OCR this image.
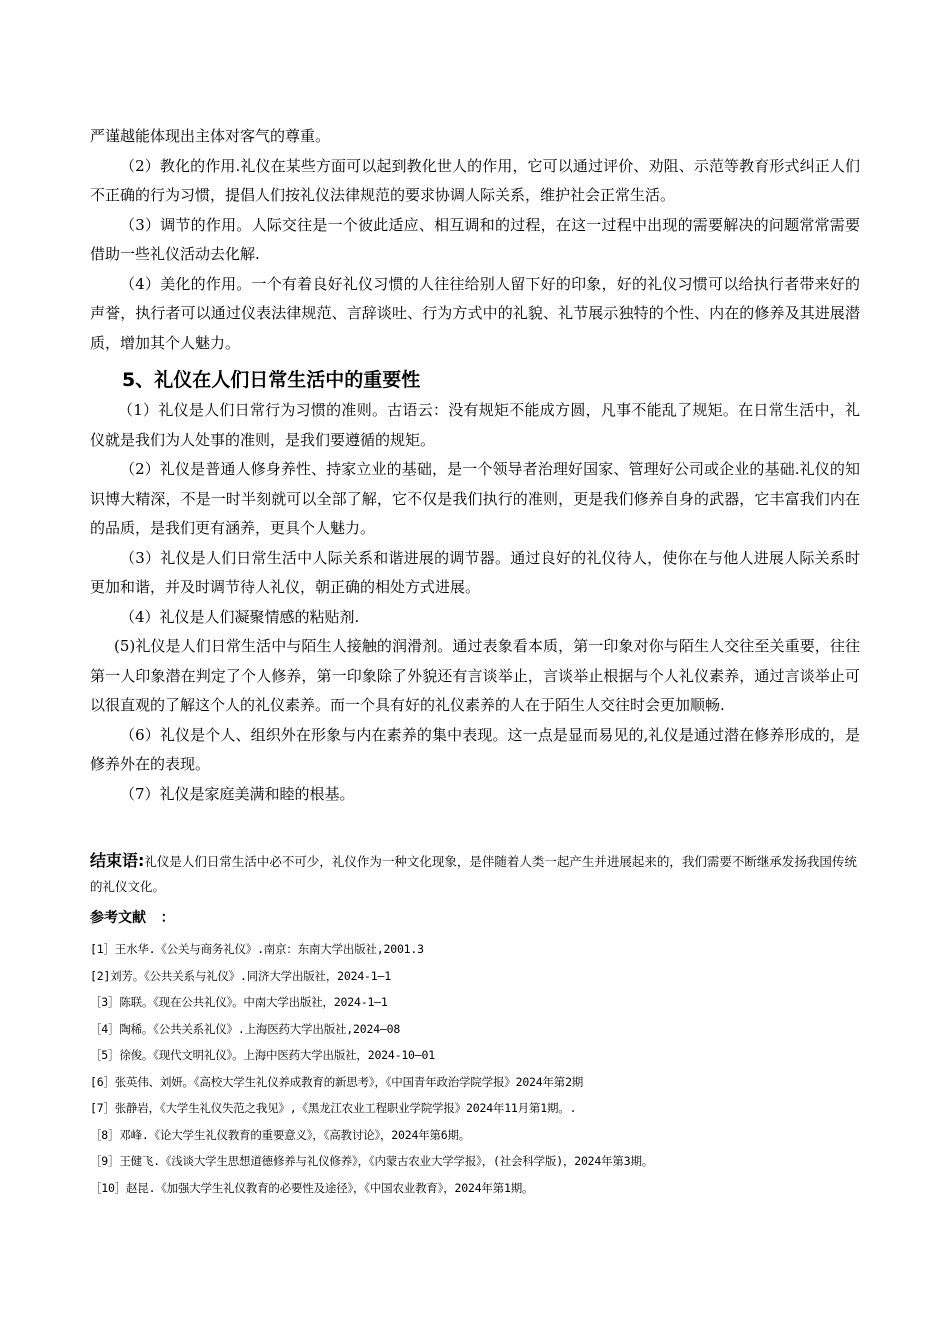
严谨越能体现出主体对客气的尊重。

（2）教化的作用.礼仪在某些方面可以起到教化世人的作用，它可以通过评价、劝阻、示范等教育形式纠正人们不正确的行为习惯，提倡人们按礼仪法律规范的要求协调人际关系，维护社会正常生活。

（3）调节的作用。人际交往是一个彼此适应、相互调和的过程，在这一过程中出现的需要解决的问题常常需要借助一些礼仪活动去化解.

（4）美化的作用。一个有着良好礼仪习惯的人往往给别人留下好的印象，好的礼仪习惯可以给执行者带来好的声誉，执行者可以通过仪表法律规范、言辞谈吐、行为方式中的礼貌、礼节展示独特的个性、内在的修养及其进展潜质，增加其个人魅力。

5、礼仪在人们日常生活中的重要性

（1）礼仪是人们日常行为习惯的准则。古语云：没有规矩不能成方圆，凡事不能乱了规矩。在日常生活中，礼仪就是我们为人处事的准则，是我们要遵循的规矩。

（2）礼仪是普通人修身养性、持家立业的基础，是一个领导者治理好国家、管理好公司或企业的基础.礼仪的知识博大精深，不是一时半刻就可以全部了解，它不仅是我们执行的准则，更是我们修养自身的武器，它丰富我们内在的品质，是我们更有涵养，更具个人魅力。

（3）礼仪是人们日常生活中人际关系和谐进展的调节器。通过良好的礼仪待人，使你在与他人进展人际关系时更加和谐，并及时调节待人礼仪，朝正确的相处方式进展。

（4）礼仪是人们凝聚情感的粘贴剂.

(5)礼仪是人们日常生活中与陌生人接触的润滑剂。通过表象看本质，第一印象对你与陌生人交往至关重要，往往第一人印象潜在判定了个人修养，第一印象除了外貌还有言谈举止，言谈举止根据与个人礼仪素养，通过言谈举止可以很直观的了解这个人的礼仪素养。而一个具有好的礼仪素养的人在于陌生人交往时会更加顺畅.

（6）礼仪是个人、组织外在形象与内在素养的集中表现。这一点是显而易见的,礼仪是通过潜在修养形成的，是修养外在的表现。

（7）礼仪是家庭美满和睦的根基。

结束语:礼仪是人们日常生活中必不可少，礼仪作为一种文化现象，是伴随着人类一起产生并进展起来的，我们需要不断继承发扬我国传统的礼仪文化。
参考文献   ：
[1］王水华.《公关与商务礼仪》.南京：东南大学出版社,2001.3
[2]刘芳。《公共关系与礼仪》.同济大学出版社，2024-1—1
［3］陈联。《现在公共礼仪》。中南大学出版社，2024-1—1
［4］陶稀。《公共关系礼仪》.上海医药大学出版社,2024—08
［5］徐俊。《现代文明礼仪》。上海中医药大学出版社，2024-10—01
[6］张英伟、刘妍。《高校大学生礼仪养成教育的新思考》，《中国青年政治学院学报》2024年第2期
[7］张静岩，《大学生礼仪失范之我见》,《黑龙江农业工程职业学院学报》2024年11月第1期。.
［8］邓峰.《论大学生礼仪教育的重要意义》，《高教讨论》，2024年第6期。
［9］王健飞.《浅谈大学生思想道德修养与礼仪修养》，《内蒙古农业大学学报》，(社会科学版)，2024年第3期。
［10］赵昆.《加强大学生礼仪教育的必要性及途径》，《中国农业教育》，2024年第1期。
